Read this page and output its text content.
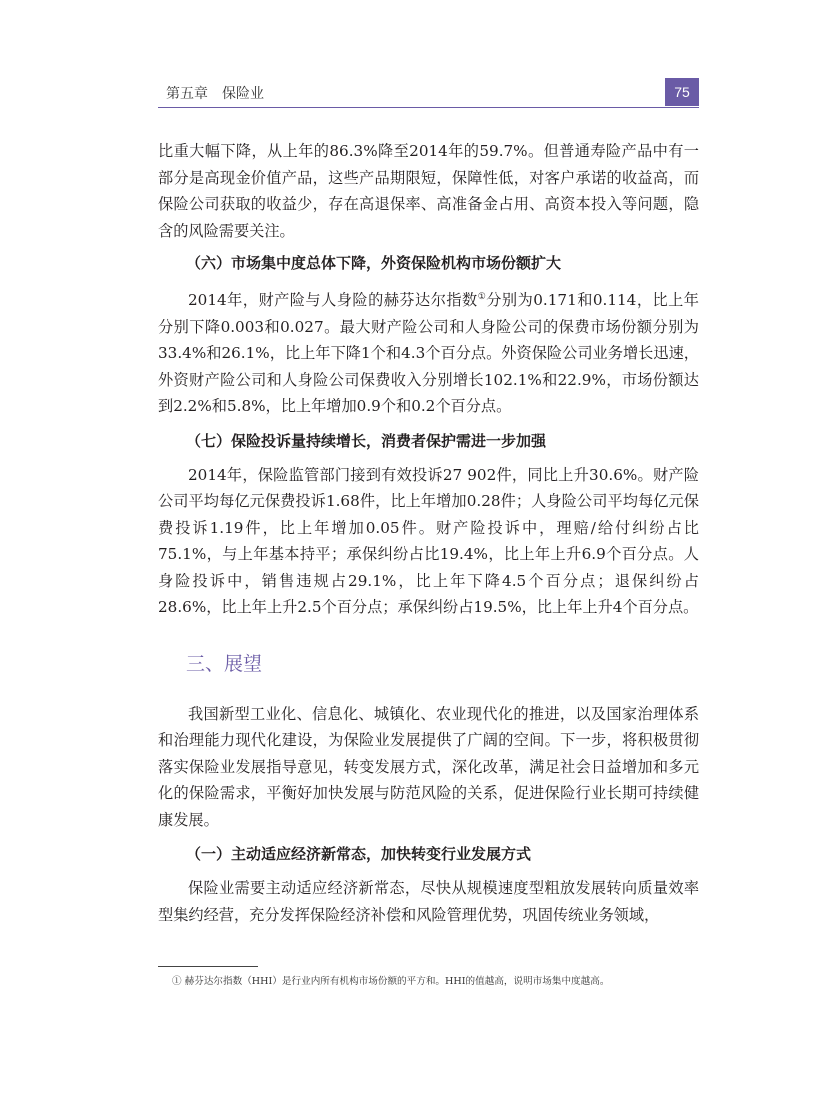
第五章 保险业	75

比重大幅下降，从上年的86.3%降至2014年的59.7%。但普通寿险产品中有一部分是高现金价值产品，这些产品期限短，保障性低，对客户承诺的收益高，而保险公司获取的收益少，存在高退保率、高准备金占用、高资本投入等问题，隐含的风险需要关注。

（六）市场集中度总体下降，外资保险机构市场份额扩大

2014年，财产险与人身险的赫芬达尔指数①分别为0.171和0.114，比上年分别下降0.003和0.027。最大财产险公司和人身险公司的保费市场份额分别为33.4%和26.1%，比上年下降1个和4.3个百分点。外资保险公司业务增长迅速，外资财产险公司和人身险公司保费收入分别增长102.1%和22.9%，市场份额达到2.2%和5.8%，比上年增加0.9个和0.2个百分点。

（七）保险投诉量持续增长，消费者保护需进一步加强

2014年，保险监管部门接到有效投诉27 902件，同比上升30.6%。财产险公司平均每亿元保费投诉1.68件，比上年增加0.28件；人身险公司平均每亿元保费投诉1.19件，比上年增加0.05件。财产险投诉中，理赔/给付纠纷占比75.1%，与上年基本持平；承保纠纷占比19.4%，比上年上升6.9个百分点。人身险投诉中，销售违规占29.1%，比上年下降4.5个百分点；退保纠纷占28.6%，比上年上升2.5个百分点；承保纠纷占19.5%，比上年上升4个百分点。

三、展望

我国新型工业化、信息化、城镇化、农业现代化的推进，以及国家治理体系和治理能力现代化建设，为保险业发展提供了广阔的空间。下一步，将积极贯彻落实保险业发展指导意见，转变发展方式，深化改革，满足社会日益增加和多元化的保险需求，平衡好加快发展与防范风险的关系，促进保险行业长期可持续健康发展。

（一）主动适应经济新常态，加快转变行业发展方式

保险业需要主动适应经济新常态，尽快从规模速度型粗放发展转向质量效率型集约经营，充分发挥保险经济补偿和风险管理优势，巩固传统业务领域，

① 赫芬达尔指数（HHI）是行业内所有机构市场份额的平方和。HHI的值越高，说明市场集中度越高。
